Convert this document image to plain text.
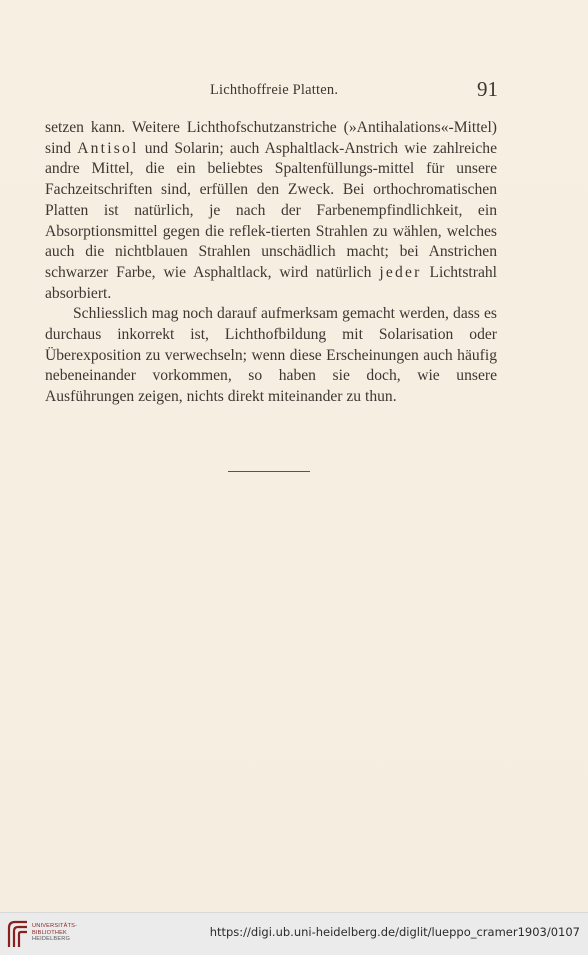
Lichthoffreie Platten.	91

setzen kann. Weitere Lichthofschutzanstriche (»Antihalations«-Mittel) sind Antisol und Solarin; auch Asphaltlack-Anstrich wie zahlreiche andre Mittel, die ein beliebtes Spaltenfüllungs-mittel für unsere Fachzeitschriften sind, erfüllen den Zweck. Bei orthochromatischen Platten ist natürlich, je nach der Farbenempfindlichkeit, ein Absorptionsmittel gegen die reflek-tierten Strahlen zu wählen, welches auch die nichtblauen Strahlen unschädlich macht; bei Anstrichen schwarzer Farbe, wie Asphaltlack, wird natürlich jeder Lichtstrahl absorbiert.

Schliesslich mag noch darauf aufmerksam gemacht werden, dass es durchaus inkorrekt ist, Lichthofbildung mit Solarisation oder Überexposition zu verwechseln; wenn diese Erscheinungen auch häufig nebeneinander vorkommen, so haben sie doch, wie unsere Ausführungen zeigen, nichts direkt miteinander zu thun.

UNIVERSITÄTS-
BIBLIOTHEK
HEIDELBERG
https://digi.ub.uni-heidelberg.de/diglit/lueppo_cramer1903/0107
